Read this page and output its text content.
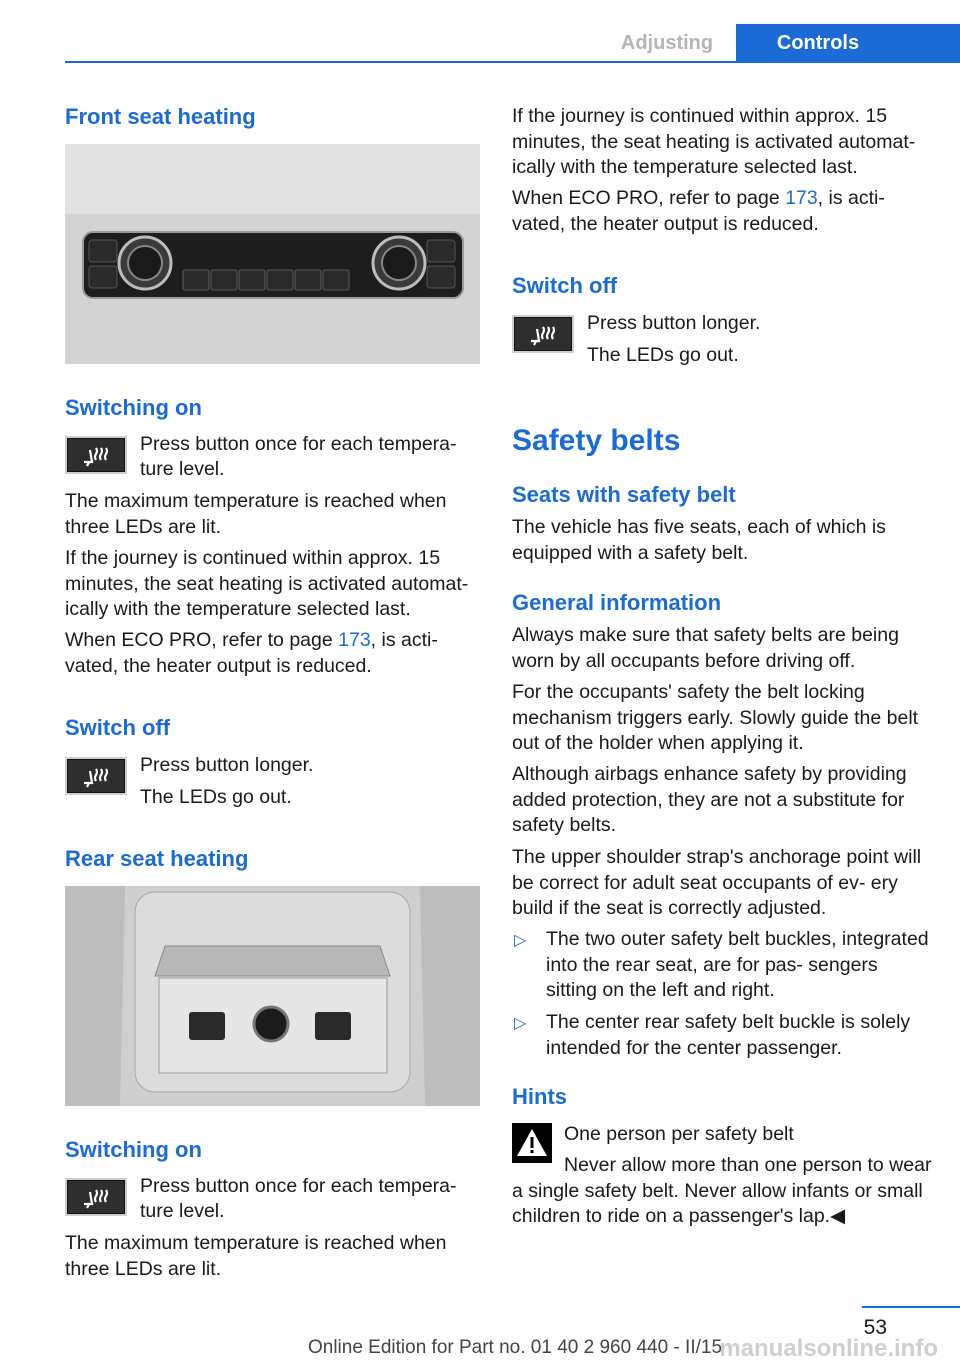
Adjusting	Controls
Front seat heating
Switching on
Press button once for each tempera‐
ture level.
The maximum temperature is reached when three LEDs are lit.
If the journey is continued within approx. 15 minutes, the seat heating is activated automat‐ ically with the temperature selected last.
When ECO PRO, refer to page 173, is acti‐ vated, the heater output is reduced.
Switch off
Press button longer.
The LEDs go out.
Rear seat heating
Switching on
Press button once for each tempera‐
ture level.
The maximum temperature is reached when three LEDs are lit.
If the journey is continued within approx. 15 minutes, the seat heating is activated automat‐ ically with the temperature selected last.
When ECO PRO, refer to page 173, is acti‐ vated, the heater output is reduced.
Switch off
Press button longer.
The LEDs go out.
Safety belts
Seats with safety belt
The vehicle has five seats, each of which is equipped with a safety belt.
General information
Always make sure that safety belts are being worn by all occupants before driving off.
For the occupants' safety the belt locking mechanism triggers early. Slowly guide the belt out of the holder when applying it.
Although airbags enhance safety by providing added protection, they are not a substitute for safety belts.
The upper shoulder strap's anchorage point will be correct for adult seat occupants of ev‐ ery build if the seat is correctly adjusted.
▷ The two outer safety belt buckles, integrated into the rear seat, are for pas‐ sengers sitting on the left and right.
▷ The center rear safety belt buckle is solely intended for the center passenger.
Hints
One person per safety belt
Never allow more than one person to wear a single safety belt. Never allow infants or small children to ride on a passenger's lap.◀
53
Online Edition for Part no. 01 40 2 960 440 - II/15
manualsonline.info
